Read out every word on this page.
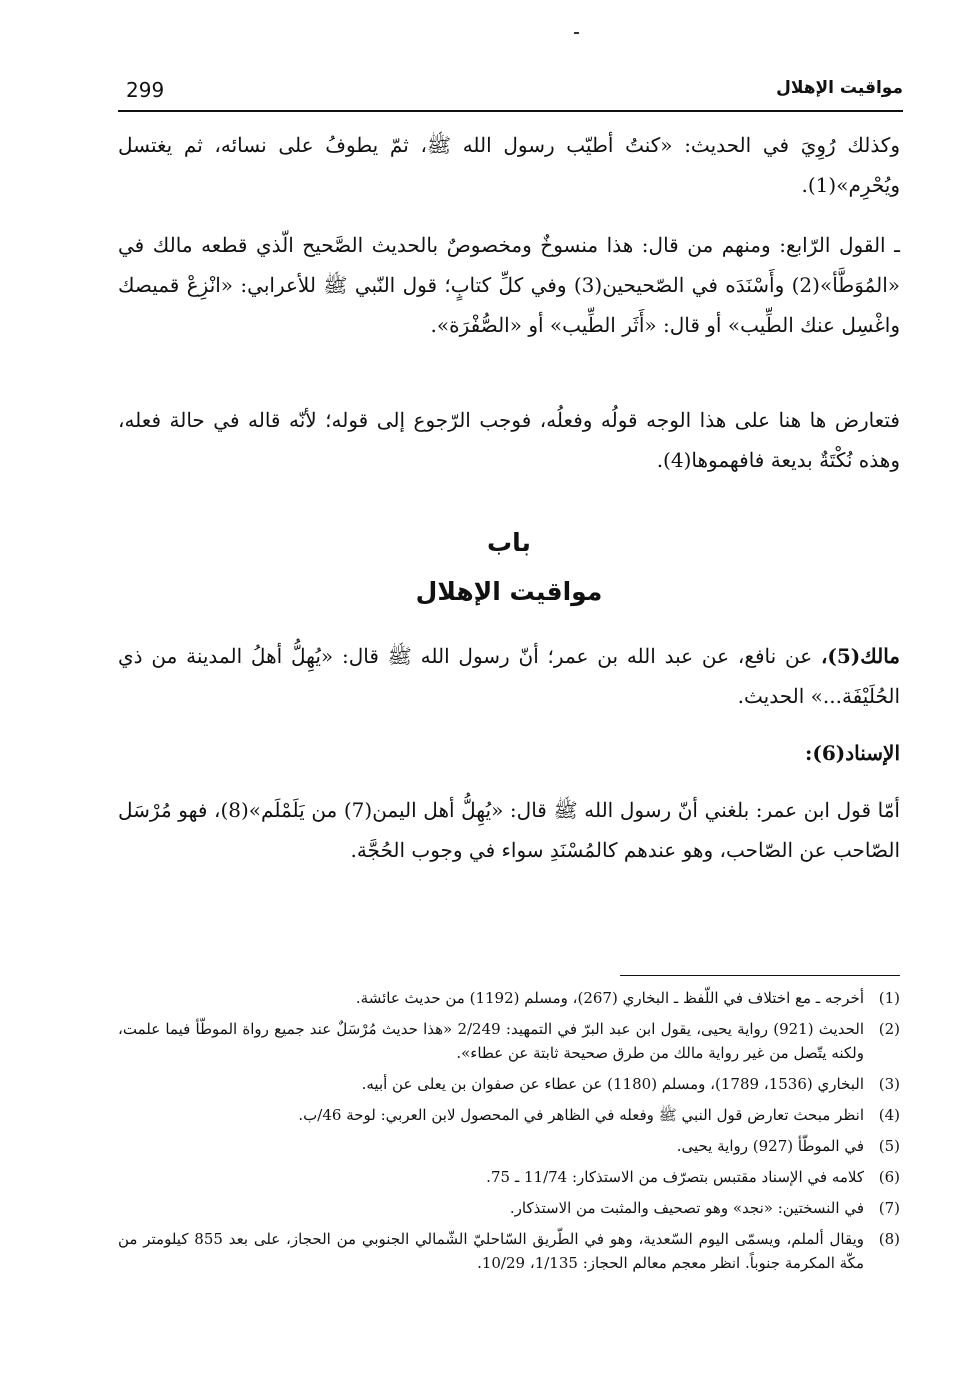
299	مواقيت الإهلال

وكذلك رُوِيَ في الحديث: «كنتُ أطيّب رسول الله ﷺ، ثمّ يطوفُ على نسائه، ثم يغتسل ويُحْرِم»(1).

ـ القول الرّابع: ومنهم من قال: هذا منسوخٌ ومخصوصٌ بالحديث الصَّحيح الّذي قطعه مالك في «المُوَطَّأ»(2) وأَسْنَدَه في الصّحيحين(3) وفي كلِّ كتابٍ؛ قول النّبي ﷺ للأعرابي: «انْزِعْ قميصك واغْسِل عنك الطِّيب» أو قال: «أَثَر الطِّيب» أو «الصُّفْرَة».

فتعارض ها هنا على هذا الوجه قولُه وفعلُه، فوجب الرّجوع إلى قوله؛ لأنّه قاله في حالة فعله، وهذه نُكْتَةٌ بديعة فافهموها(4).

باب
مواقيت الإهلال

مالك(5)، عن نافع، عن عبد الله بن عمر؛ أنّ رسول الله ﷺ قال: «يُهِلُّ أهلُ المدينة من ذي الحُلَيْفَة...» الحديث.

الإسناد(6):

أمّا قول ابن عمر: بلغني أنّ رسول الله ﷺ قال: «يُهِلُّ أهل اليمن(7) من يَلَمْلَم»(8)، فهو مُرْسَل الصّاحب عن الصّاحب، وهو عندهم كالمُسْنَدِ سواء في وجوب الحُجَّة.

(1)
أخرجه ـ مع اختلاف في اللّفظ ـ البخاري (267)، ومسلم (1192) من حديث عائشة.
(2)
الحديث (921) رواية يحيى، يقول ابن عبد البرّ في التمهيد: 2/249 «هذا حديث مُرْسَلٌ عند جميع رواة الموطّأ فيما علمت، ولكنه يتّصل من غير رواية مالك من طرق صحيحة ثابتة عن عطاء».
(3)
البخاري (1536، 1789)، ومسلم (1180) عن عطاء عن صفوان بن يعلى عن أبيه.
(4)
انظر مبحث تعارض قول النبي ﷺ وفعله في الظاهر في المحصول لابن العربي: لوحة 46/ب.
(5)
في الموطّأ (927) رواية يحيى.
(6)
كلامه في الإسناد مقتبس بتصرّف من الاستذكار: 11/74 ـ 75.
(7)
في النسختين: «نجد» وهو تصحيف والمثبت من الاستذكار.
(8)
ويقال ألملم، ويسمّى اليوم السّعدية، وهو في الطّريق السّاحليّ الشّمالي الجنوبي من الحجاز، على بعد 855 كيلومتر من مكّة المكرمة جنوباً. انظر معجم معالم الحجاز: 1/135، 10/29.
